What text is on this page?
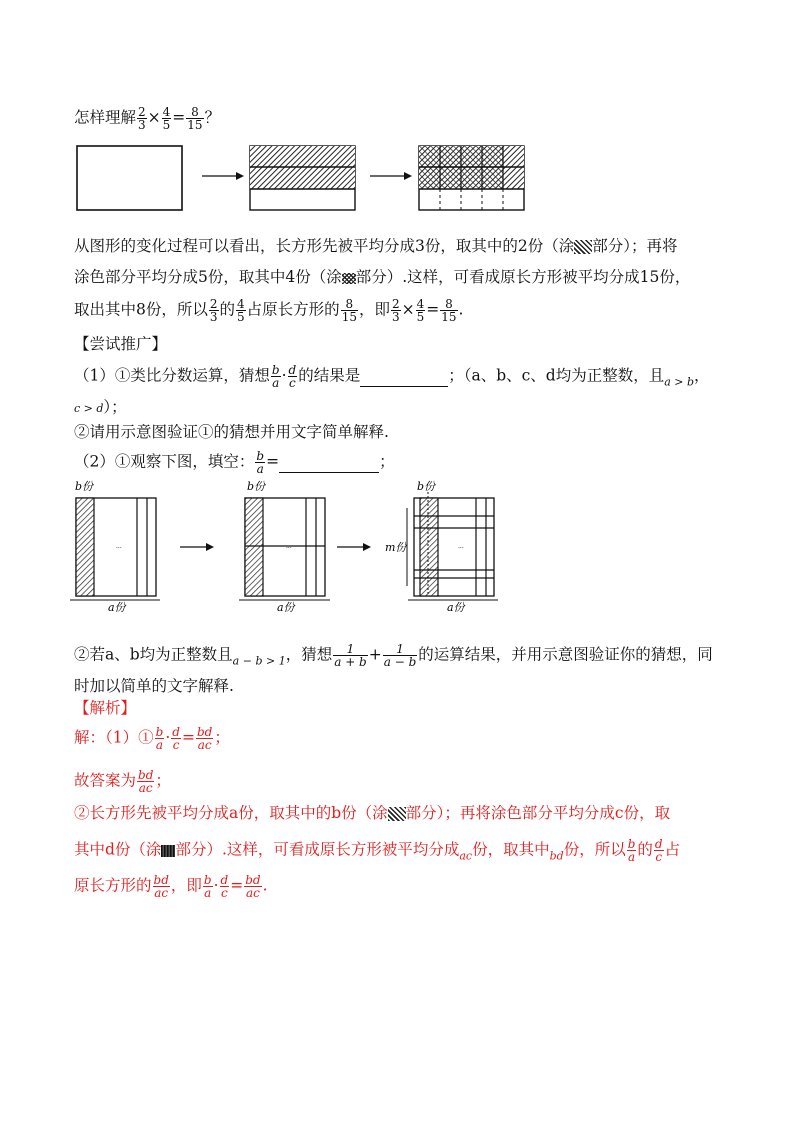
怎样理解 $\frac{2}{3} \times \frac{4}{5} = \frac{8}{15}$ ？
从图形的变化过程可以看出，长方形先被平均分成3份，取其中的2份（涂 部分）；再将
涂色部分平均分成5份，取其中4份（涂 部分）.这样，可看成原长方形被平均分成15份，
取出其中8份，所以 $\frac{2}{3}$ 的 $\frac{4}{5}$ 占原长方形的 $\frac{8}{15}$ ，即 $\frac{2}{3} \times \frac{4}{5} = \frac{8}{15}$ .
【尝试推广】
（1）①类比分数运算，猜想 $\frac{b}{a} \cdot \frac{d}{c}$ 的结果是	；（a、b、c、d均为正整数，且$_{a > b}$，
c > d）；
②请用示意图验证①的猜想并用文字简单解释.
（2）①观察下图，填空： $\frac{b}{a}$ =	；
b份
···
a份
b份
···
a份
b份
m份	···
a份
②若a、b均为正整数且$_{a - b > 1}$，猜想 $\frac{1}{a + b} + \frac{1}{a - b}$ 的运算结果，并用示意图验证你的猜想，同
时加以简单的文字解释.
【解析】
解：（1）① $\frac{b}{a} \cdot \frac{d}{c} = \frac{bd}{ac}$ ；
故答案为 $\frac{bd}{ac}$ ；
②长方形先被平均分成a份，取其中的b份（涂 部分）；再将涂色部分平均分成c份，取
其中d份（涂 部分）.这样，可看成原长方形被平均分成$_{ac}$份，取其中$_{bd}$份，所以 $\frac{b}{a}$ 的 $\frac{d}{c}$ 占
原长方形的 $\frac{bd}{ac}$ ，即 $\frac{b}{a} \cdot \frac{d}{c} = \frac{bd}{ac}$ .
